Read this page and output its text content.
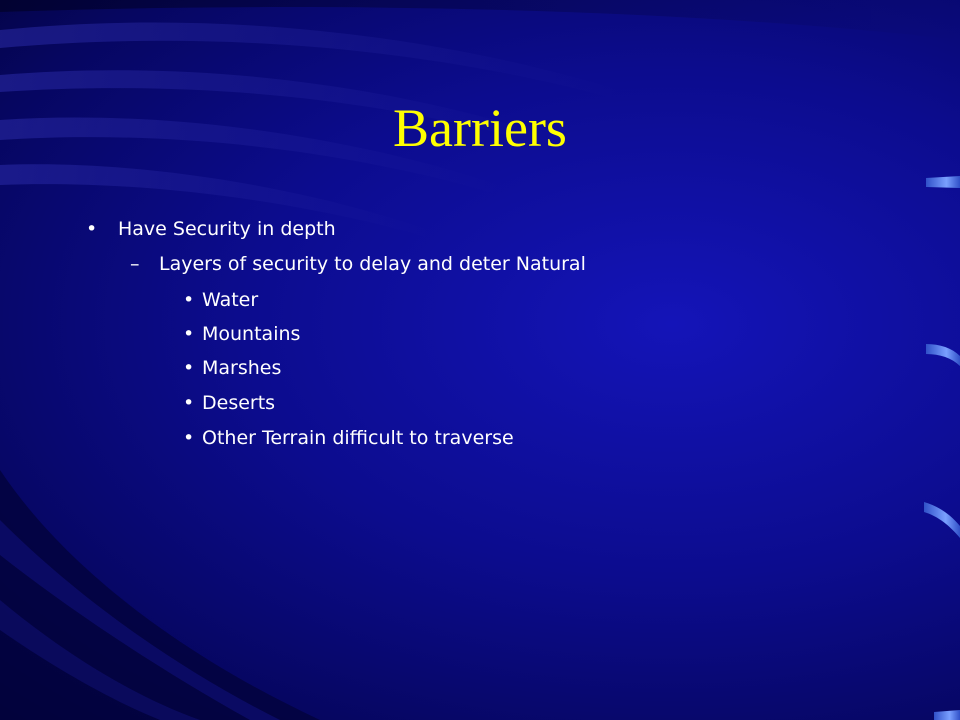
Barriers
• Have Security in depth
– Layers of security to delay and deter Natural
• Water
• Mountains
• Marshes
• Deserts
• Other Terrain difficult to traverse
